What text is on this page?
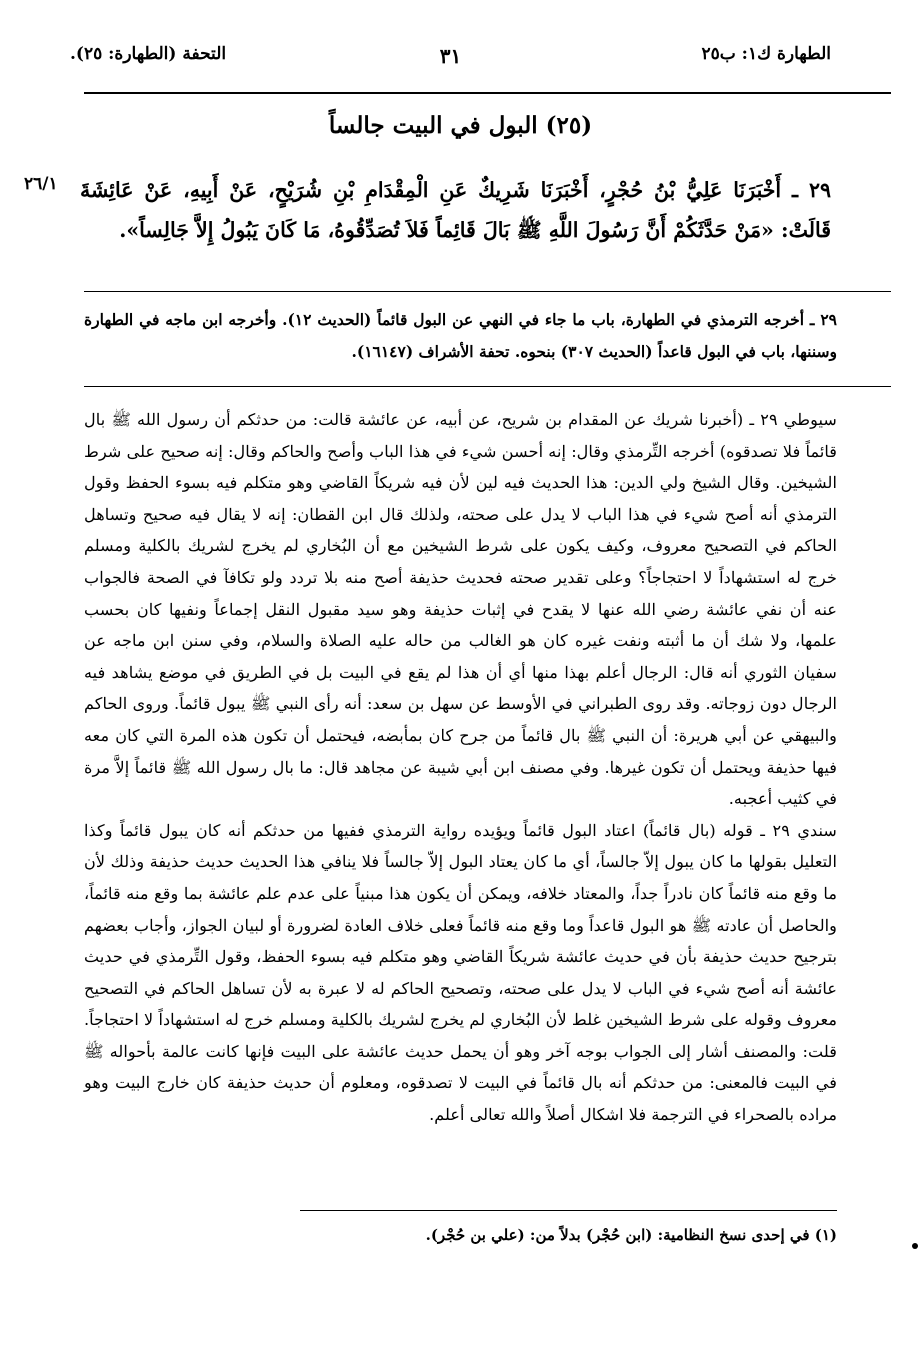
الطهارة ك١: ب٢٥
٣١
التحفة (الطهارة: ٢٥).
(٢٥) البول في البيت جالساً
٢٦/١ ٢٩ ـ أَخْبَرَنَا عَلِيُّ بْنُ حُجْرٍ، أَخْبَرَنَا شَرِيكٌ عَنِ الْمِقْدَامِ بْنِ شُرَيْحٍ، عَنْ أَبِيهِ، عَنْ عَائِشَةَ قَالَتْ: «مَنْ حَدَّثَكُمْ أَنَّ رَسُولَ اللَّهِ ﷺ بَالَ قَائِماً فَلاَ تُصَدِّقُوهُ، مَا كَانَ يَبُولُ إِلاَّ جَالِساً».
٢٩ ـ أخرجه الترمذي في الطهارة، باب ما جاء في النهي عن البول قائماً (الحديث ١٢). وأخرجه ابن ماجه في الطهارة وسننها، باب في البول قاعداً (الحديث ٣٠٧) بنحوه. تحفة الأشراف (١٦١٤٧).

سيوطي ٢٩ ـ (أخبرنا شريك عن المقدام بن شريح، عن أبيه، عن عائشة قالت: من حدثكم أن رسول الله ﷺ بال قائماً فلا تصدقوه) أخرجه التِّرمذي وقال: إنه أحسن شيء في هذا الباب وأصح والحاكم وقال: إنه صحيح على شرط الشيخين. وقال الشيخ ولي الدين: هذا الحديث فيه لين لأن فيه شريكاً القاضي وهو متكلم فيه بسوء الحفظ وقول الترمذي أنه أصح شيء في هذا الباب لا يدل على صحته، ولذلك قال ابن القطان: إنه لا يقال فيه صحيح وتساهل الحاكم في التصحيح معروف، وكيف يكون على شرط الشيخين مع أن البُخاري لم يخرج لشريك بالكلية ومسلم خرج له استشهاداً لا احتجاجاً؟ وعلى تقدير صحته فحديث حذيفة أصح منه بلا تردد ولو تكافآ في الصحة فالجواب عنه أن نفي عائشة رضي الله عنها لا يقدح في إثبات حذيفة وهو سيد مقبول النقل إجماعاً ونفيها كان بحسب علمها، ولا شك أن ما أثبته ونفت غيره كان هو الغالب من حاله عليه الصلاة والسلام، وفي سنن ابن ماجه عن سفيان الثوري أنه قال: الرجال أعلم بهذا منها أي أن هذا لم يقع في البيت بل في الطريق في موضع يشاهد فيه الرجال دون زوجاته. وقد روى الطبراني في الأوسط عن سهل بن سعد: أنه رأى النبي ﷺ يبول قائماً. وروى الحاكم والبيهقي عن أبي هريرة: أن النبي ﷺ بال قائماً من جرح كان بمأبضه، فيحتمل أن تكون هذه المرة التي كان معه فيها حذيفة ويحتمل أن تكون غيرها. وفي مصنف ابن أبي شيبة عن مجاهد قال: ما بال رسول الله ﷺ قائماً إلاَّ مرة في كثيب أعجبه.

سندي ٢٩ ـ قوله (بال قائماً) اعتاد البول قائماً ويؤيده رواية الترمذي ففيها من حدثكم أنه كان يبول قائماً وكذا التعليل بقولها ما كان يبول إلاّ جالساً، أي ما كان يعتاد البول إلاّ جالساً فلا ينافي هذا الحديث حديث حذيفة وذلك لأن ما وقع منه قائماً كان نادراً جداً، والمعتاد خلافه، ويمكن أن يكون هذا مبنياً على عدم علم عائشة بما وقع منه قائماً، والحاصل أن عادته ﷺ هو البول قاعداً وما وقع منه قائماً فعلى خلاف العادة لضرورة أو لبيان الجواز، وأجاب بعضهم بترجيح حديث حذيفة بأن في حديث عائشة شريكاً القاضي وهو متكلم فيه بسوء الحفظ، وقول التِّرمذي في حديث عائشة أنه أصح شيء في الباب لا يدل على صحته، وتصحيح الحاكم له لا عبرة به لأن تساهل الحاكم في التصحيح معروف وقوله على شرط الشيخين غلط لأن البُخاري لم يخرج لشريك بالكلية ومسلم خرج له استشهاداً لا احتجاجاً. قلت: والمصنف أشار إلى الجواب بوجه آخر وهو أن يحمل حديث عائشة على البيت فإنها كانت عالمة بأحواله ﷺ في البيت فالمعنى: من حدثكم أنه بال قائماً في البيت لا تصدقوه، ومعلوم أن حديث حذيفة كان خارج البيت وهو مراده بالصحراء في الترجمة فلا اشكال أصلاً والله تعالى أعلم.

(١) في إحدى نسخ النظامية: (ابن حُجْر) بدلاً من: (علي بن حُجْر).
